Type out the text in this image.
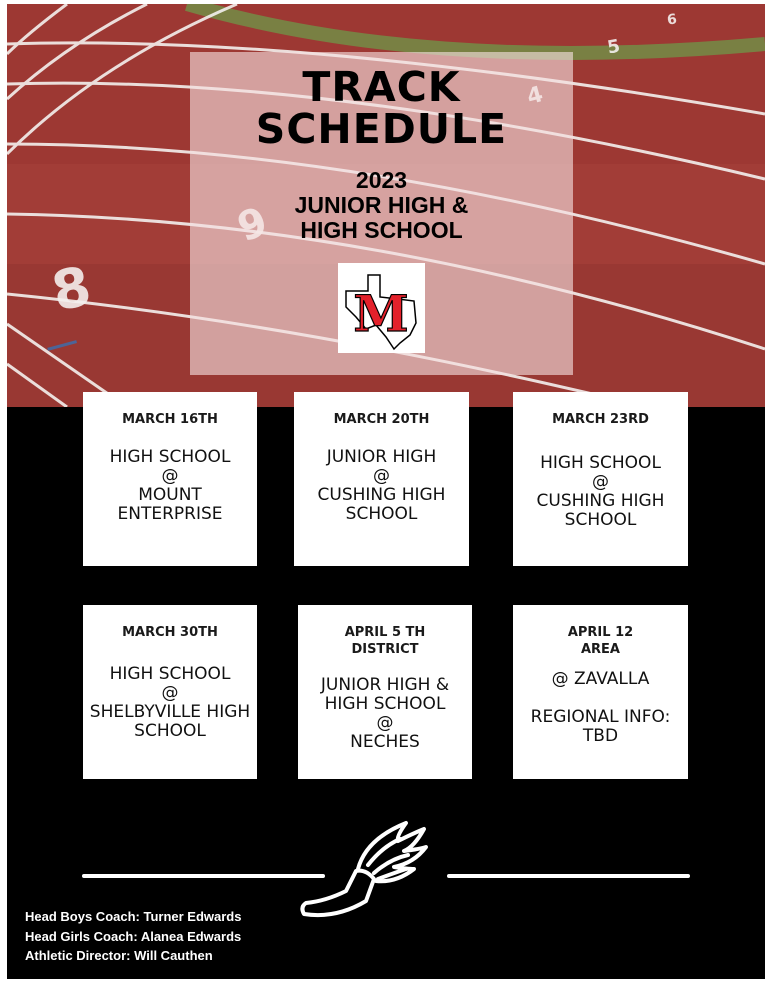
8
5
6
TRACK
SCHEDULE
2023
JUNIOR HIGH &
HIGH SCHOOL
M
MARCH 16TH
HIGH SCHOOL
@
MOUNT
ENTERPRISE
MARCH 20TH
JUNIOR HIGH
@
CUSHING HIGH
SCHOOL
MARCH 23RD
HIGH SCHOOL
@
CUSHING HIGH
SCHOOL
MARCH 30TH
HIGH SCHOOL
@
SHELBYVILLE HIGH
SCHOOL
APRIL 5 TH
DISTRICT
JUNIOR HIGH &
HIGH SCHOOL
@
NECHES
APRIL 12
AREA
@ ZAVALLA
REGIONAL INFO:
TBD
Head Boys Coach: Turner Edwards
Head Girls Coach: Alanea Edwards
Athletic Director: Will Cauthen
